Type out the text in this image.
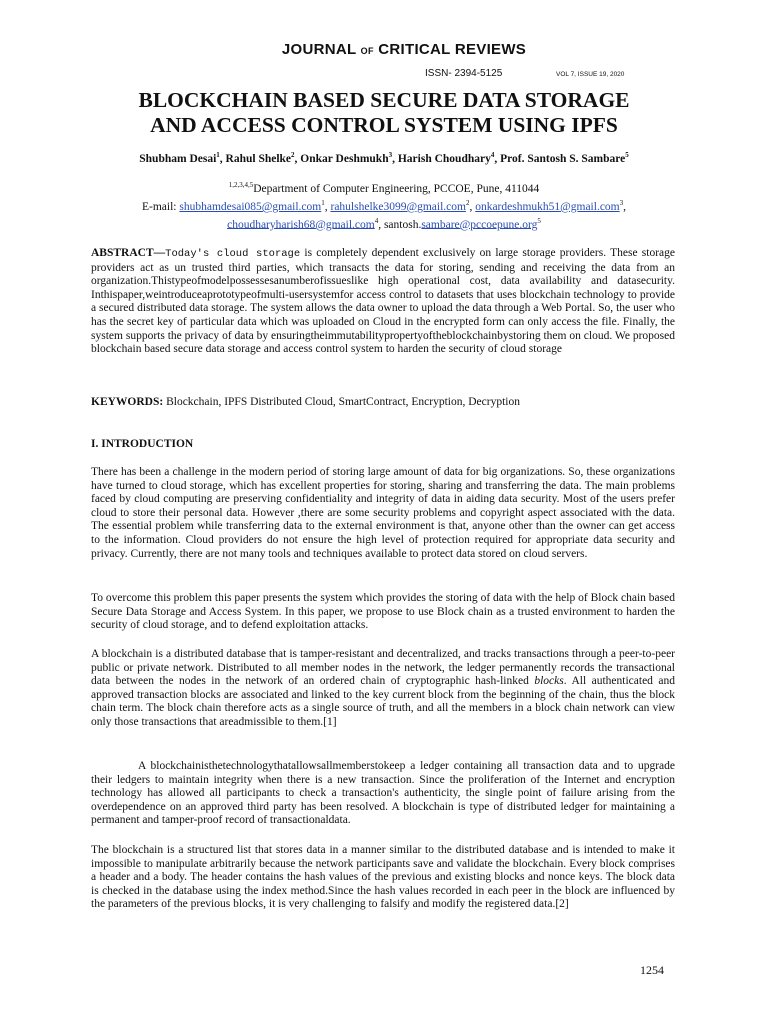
JOURNAL OF CRITICAL REVIEWS
ISSN- 2394-5125	VOL 7, ISSUE 19, 2020
BLOCKCHAIN BASED SECURE DATA STORAGE
AND ACCESS CONTROL SYSTEM USING IPFS
Shubham Desai$^1$, Rahul Shelke$^2$, Onkar Deshmukh$^3$, Harish Choudhary$^4$, Prof. Santosh S. Sambare$^5$
$^{1,2,3,4,5}$Department of Computer Engineering, PCCOE, Pune, 411044
E-mail: shubhamdesai085@gmail.com$^1$, rahulshelke3099@gmail.com$^2$, onkardeshmukh51@gmail.com$^3$,
choudharyharish68@gmail.com$^4$, santosh.sambare@pccoepune.org$^5$

ABSTRACT—Today's cloud storage is completely dependent exclusively on large storage providers. These storage providers act as un trusted third parties, which transacts the data for storing, sending and receiving the data from an organization.Thistypeofmodelpossessesanumberofissueslike high operational cost, data availability and datasecurity. Inthispaper,weintroduceaprototypeofmulti-usersystemfor access control to datasets that uses blockchain technology to provide a secured distributed data storage. The system allows the data owner to upload the data through a Web Portal. So, the user who has the secret key of particular data which was uploaded on Cloud in the encrypted form can only access the file. Finally, the system supports the privacy of data by ensuringtheimmutabilitypropertyoftheblockchainbystoring them on cloud. We proposed blockchain based secure data storage and access control system to harden the security of cloud storage

KEYWORDS: Blockchain, IPFS Distributed Cloud, SmartContract, Encryption, Decryption

I. INTRODUCTION

There has been a challenge in the modern period of storing large amount of data for big organizations. So, these organizations have turned to cloud storage, which has excellent properties for storing, sharing and transferring the data. The main problems faced by cloud computing are preserving confidentiality and integrity of data in aiding data security. Most of the users prefer cloud to store their personal data. However ,there are some security problems and copyright aspect associated with the data. The essential problem while transferring data to the external environment is that, anyone other than the owner can get access to the information. Cloud providers do not ensure the high level of protection required for appropriate data security and privacy. Currently, there are not many tools and techniques available to protect data stored on cloud servers.

To overcome this problem this paper presents the system which provides the storing of data with the help of Block chain based Secure Data Storage and Access System. In this paper, we propose to use Block chain as a trusted environment to harden the security of cloud storage, and to defend exploitation attacks.

A blockchain is a distributed database that is tamper-resistant and decentralized, and tracks transactions through a peer-to-peer public or private network. Distributed to all member nodes in the network, the ledger permanently records the transactional data between the nodes in the network of an ordered chain of cryptographic hash-linked blocks. All authenticated and approved transaction blocks are associated and linked to the key current block from the beginning of the chain, thus the block chain term. The block chain therefore acts as a single source of truth, and all the members in a block chain network can view only those transactions that areadmissible to them.[1]

A blockchainisthetechnologythatallowsallmemberstokeep a ledger containing all transaction data and to upgrade their ledgers to maintain integrity when there is a new transaction. Since the proliferation of the Internet and encryption technology has allowed all participants to check a transaction's authenticity, the single point of failure arising from the overdependence on an approved third party has been resolved. A blockchain is type of distributed ledger for maintaining a permanent and tamper-proof record of transactionaldata.

The blockchain is a structured list that stores data in a manner similar to the distributed database and is intended to make it impossible to manipulate arbitrarily because the network participants save and validate the blockchain. Every block comprises a header and a body. The header contains the hash values of the previous and existing blocks and nonce keys. The block data is checked in the database using the index method.Since the hash values recorded in each peer in the block are influenced by the parameters of the previous blocks, it is very challenging to falsify and modify the registered data.[2]

1254
